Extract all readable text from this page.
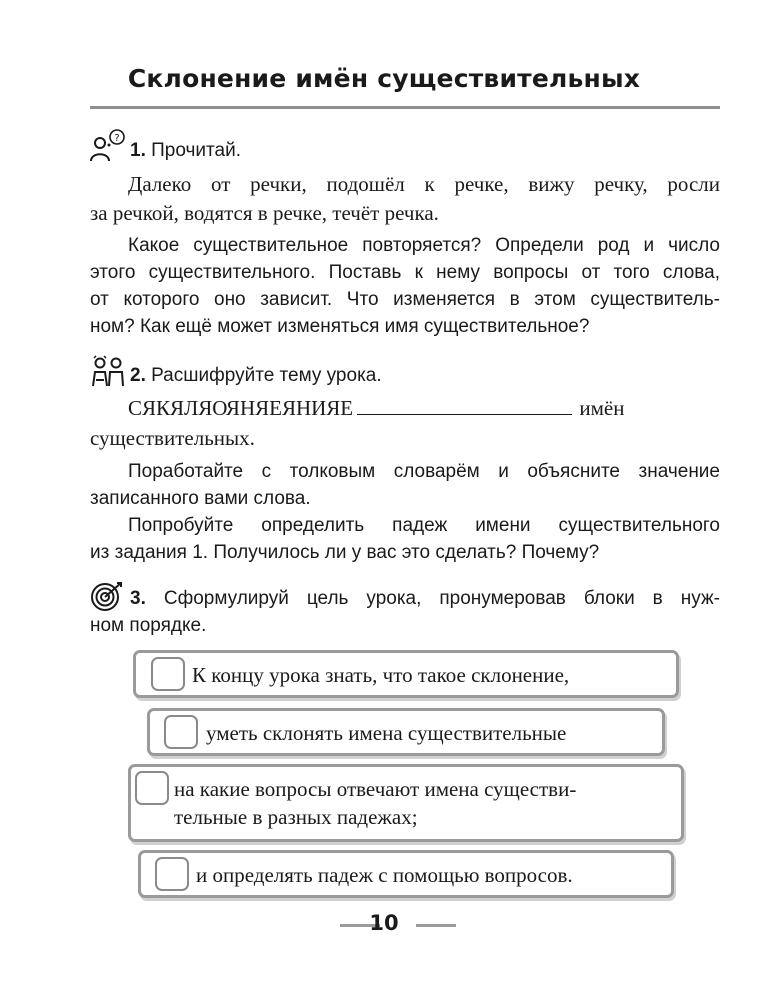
Склонение имён существительных
?
1. Прочитай.
Далеко от речки, подошёл к речке, вижу речку, росли
за речкой, водятся в речке, течёт речка.
Какое существительное повторяется? Определи род и число
этого существительного. Поставь к нему вопросы от того слова,
от которого оно зависит. Что изменяется в этом существитель-
ном? Как ещё может изменяться имя существительное?
2. Расшифруйте тему урока.
СЯКЯЛЯОЯНЯЕЯНИЯЕ	имён
существительных.
Поработайте с толковым словарём и объясните значение
записанного вами слова.
Попробуйте определить падеж имени существительного
из задания 1. Получилось ли у вас это сделать? Почему?
3. Сформулируй цель урока, пронумеровав блоки в нуж-
ном порядке.
К концу урока знать, что такое склонение,
уметь склонять имена существительные
на какие вопросы отвечают имена существи-
тельные в разных падежах;
и определять падеж с помощью вопросов.
10
